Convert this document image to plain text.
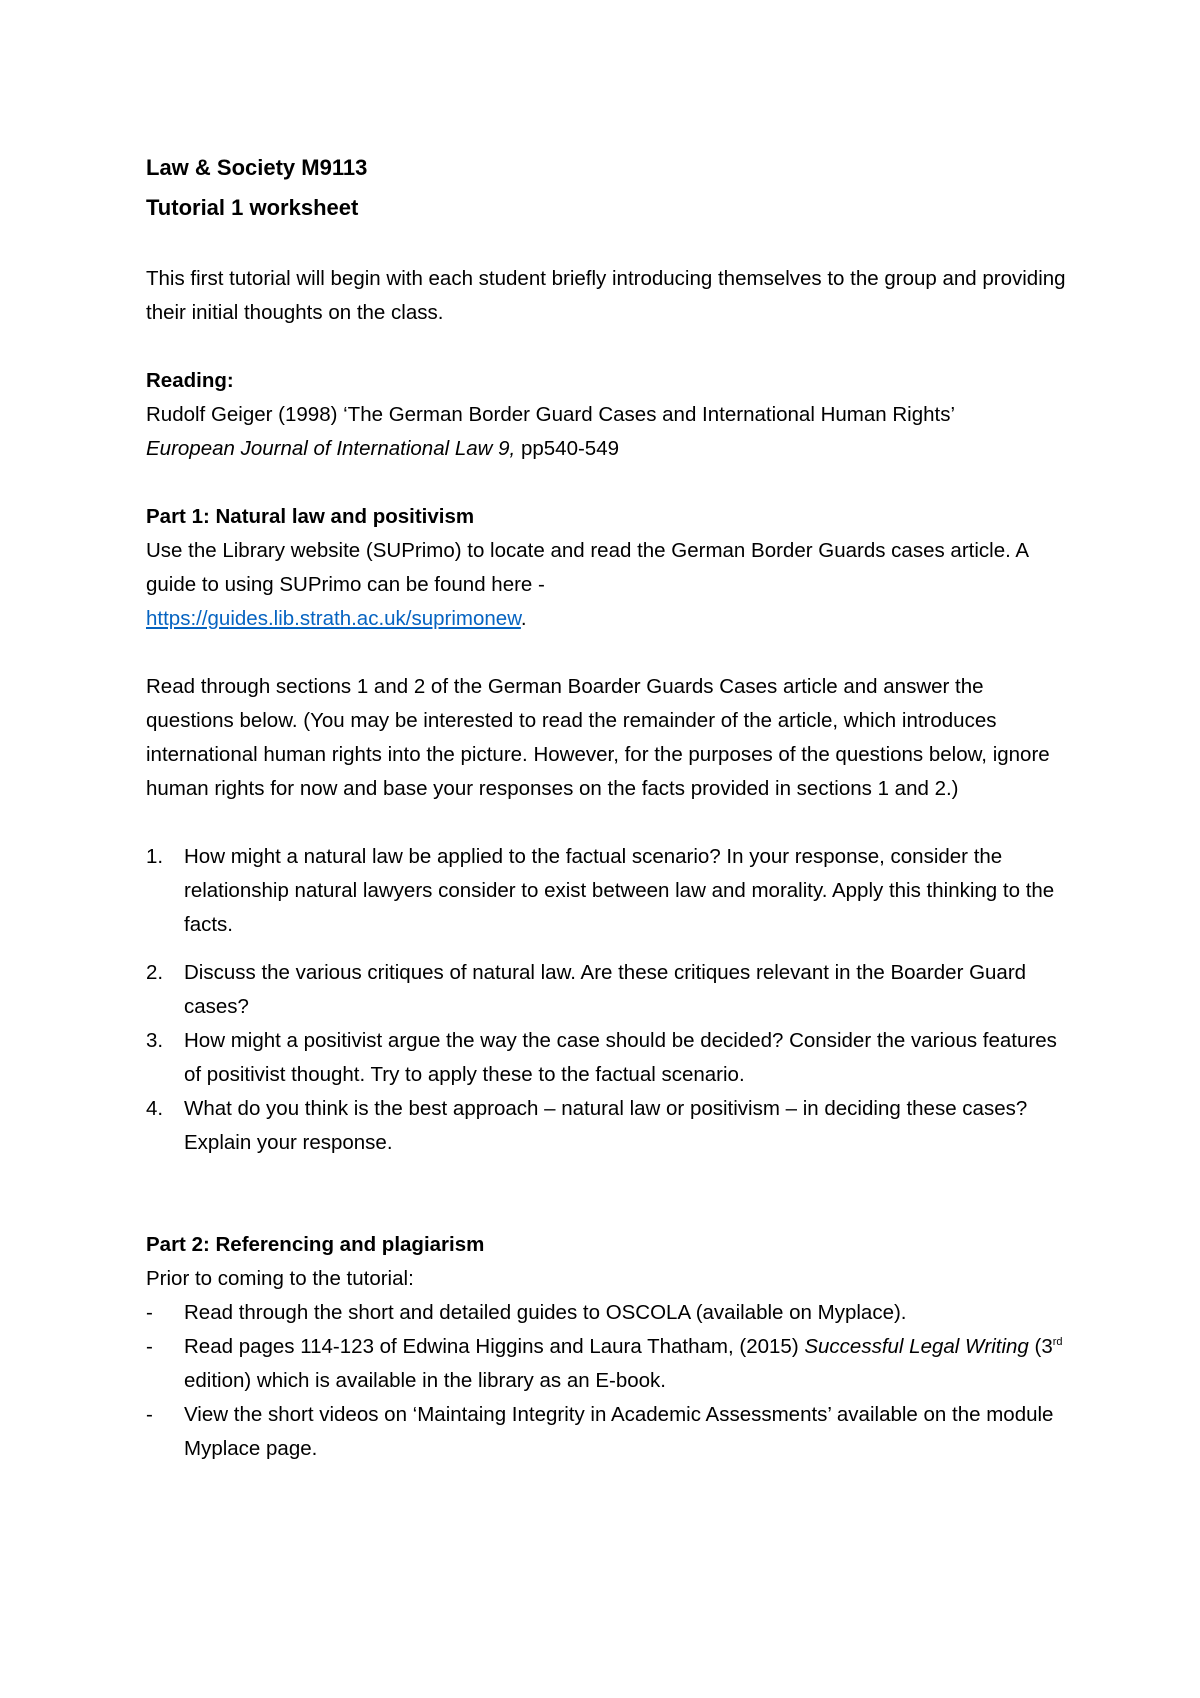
Law & Society M9113

Tutorial 1 worksheet

This first tutorial will begin with each student briefly introducing themselves to the group and providing their initial thoughts on the class.

Reading:

Rudolf Geiger (1998) ‘The German Border Guard Cases and International Human Rights’
European Journal of International Law 9, pp540-549

Part 1: Natural law and positivism

Use the Library website (SUPrimo) to locate and read the German Border Guards cases article. A guide to using SUPrimo can be found here -
https://guides.lib.strath.ac.uk/suprimonew.

Read through sections 1 and 2 of the German Boarder Guards Cases article and answer the questions below. (You may be interested to read the remainder of the article, which introduces international human rights into the picture. However, for the purposes of the questions below, ignore human rights for now and base your responses on the facts provided in sections 1 and 2.)

1. How might a natural law be applied to the factual scenario? In your response, consider the relationship natural lawyers consider to exist between law and morality. Apply this thinking to the facts.
2. Discuss the various critiques of natural law. Are these critiques relevant in the Boarder Guard cases?
3. How might a positivist argue the way the case should be decided? Consider the various features of positivist thought. Try to apply these to the factual scenario.
4. What do you think is the best approach – natural law or positivism – in deciding these cases? Explain your response.

Part 2: Referencing and plagiarism

Prior to coming to the tutorial:

- Read through the short and detailed guides to OSCOLA (available on Myplace).
- Read pages 114-123 of Edwina Higgins and Laura Thatham, (2015) Successful Legal Writing (3rd edition) which is available in the library as an E-book.
- View the short videos on ‘Maintaing Integrity in Academic Assessments’ available on the module Myplace page.
